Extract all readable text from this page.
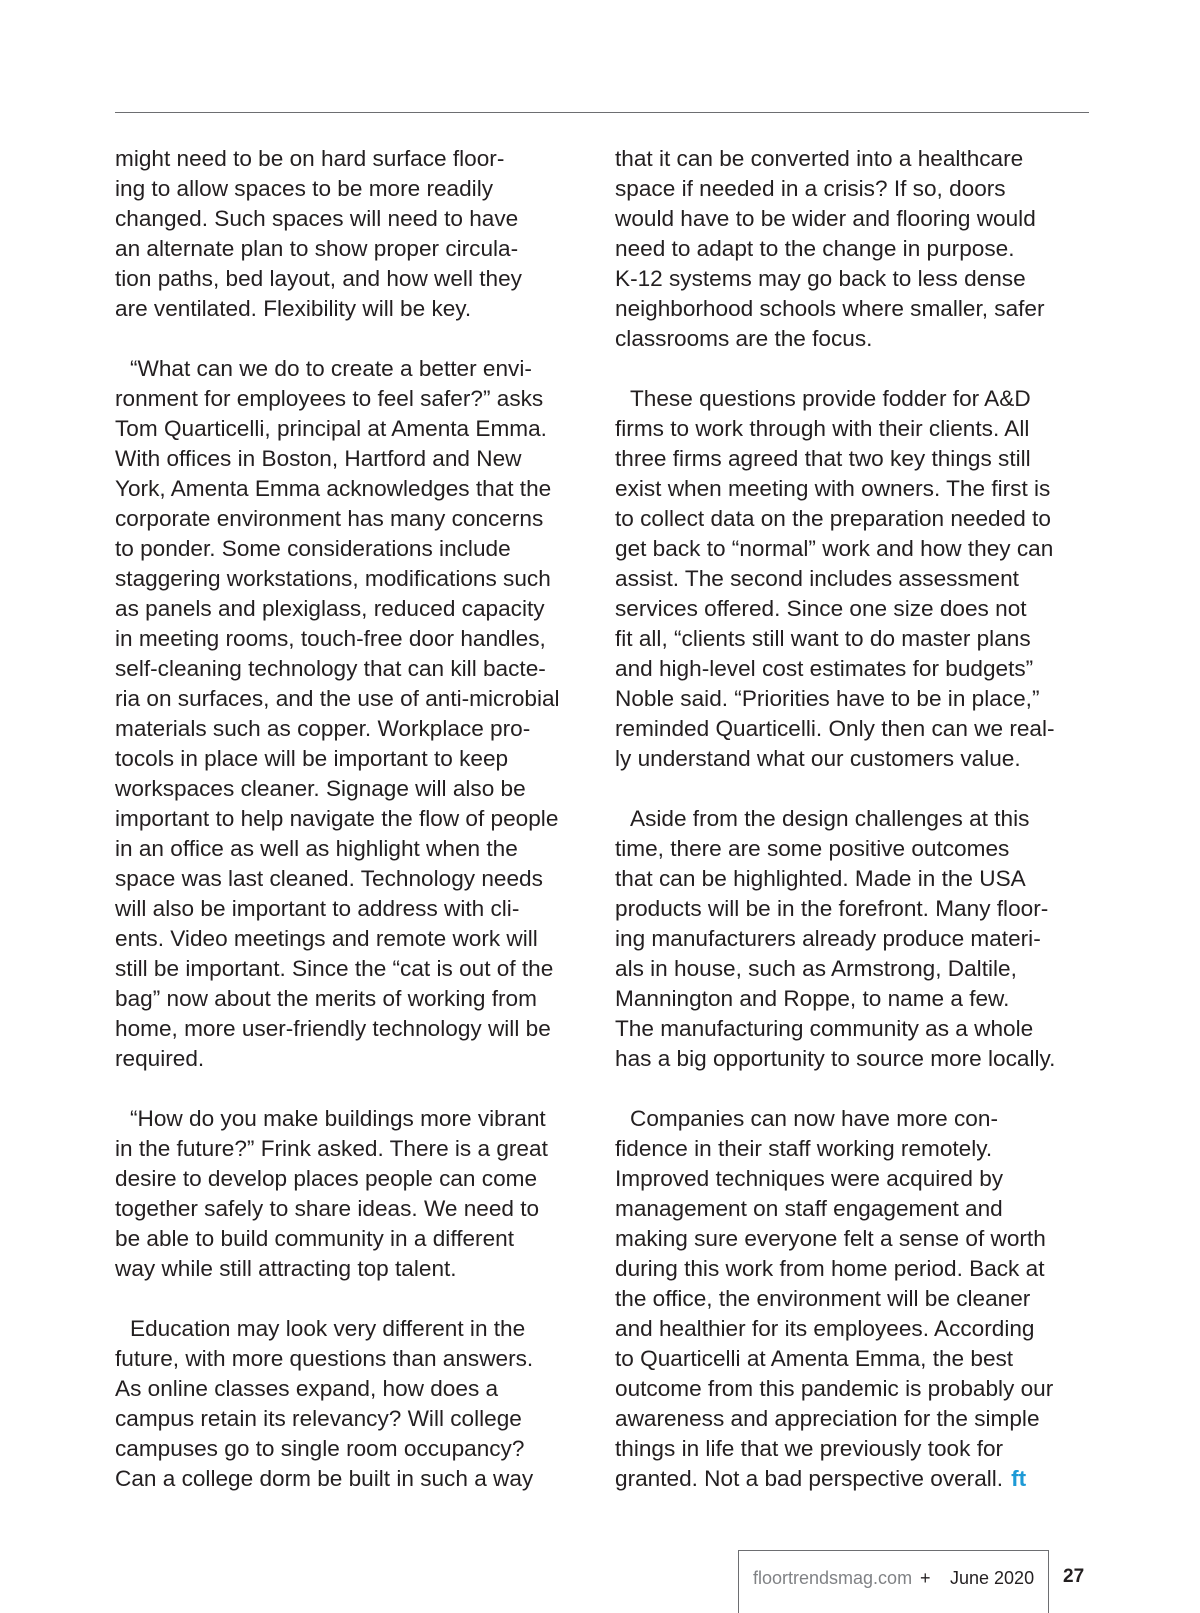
might need to be on hard surface floor-
ing to allow spaces to be more readily
changed. Such spaces will need to have
an alternate plan to show proper circula-
tion paths, bed layout, and how well they
are ventilated. Flexibility will be key.

“What can we do to create a better envi-
ronment for employees to feel safer?” asks
Tom Quarticelli, principal at Amenta Emma.
With offices in Boston, Hartford and New
York, Amenta Emma acknowledges that the
corporate environment has many concerns
to ponder. Some considerations include
staggering workstations, modifications such
as panels and plexiglass, reduced capacity
in meeting rooms, touch-free door handles,
self-cleaning technology that can kill bacte-
ria on surfaces, and the use of anti-microbial
materials such as copper. Workplace pro-
tocols in place will be important to keep
workspaces cleaner. Signage will also be
important to help navigate the flow of people
in an office as well as highlight when the
space was last cleaned. Technology needs
will also be important to address with cli-
ents. Video meetings and remote work will
still be important. Since the “cat is out of the
bag” now about the merits of working from
home, more user-friendly technology will be
required.

“How do you make buildings more vibrant
in the future?” Frink asked. There is a great
desire to develop places people can come
together safely to share ideas. We need to
be able to build community in a different
way while still attracting top talent.

Education may look very different in the
future, with more questions than answers.
As online classes expand, how does a
campus retain its relevancy? Will college
campuses go to single room occupancy?
Can a college dorm be built in such a way

that it can be converted into a healthcare
space if needed in a crisis? If so, doors
would have to be wider and flooring would
need to adapt to the change in purpose.
K-12 systems may go back to less dense
neighborhood schools where smaller, safer
classrooms are the focus.

These questions provide fodder for A&D
firms to work through with their clients. All
three firms agreed that two key things still
exist when meeting with owners. The first is
to collect data on the preparation needed to
get back to “normal” work and how they can
assist. The second includes assessment
services offered. Since one size does not
fit all, “clients still want to do master plans
and high-level cost estimates for budgets”
Noble said. “Priorities have to be in place,”
reminded Quarticelli. Only then can we real-
ly understand what our customers value.

Aside from the design challenges at this
time, there are some positive outcomes
that can be highlighted. Made in the USA
products will be in the forefront. Many floor-
ing manufacturers already produce materi-
als in house, such as Armstrong, Daltile,
Mannington and Roppe, to name a few.
The manufacturing community as a whole
has a big opportunity to source more locally.

Companies can now have more con-
fidence in their staff working remotely.
Improved techniques were acquired by
management on staff engagement and
making sure everyone felt a sense of worth
during this work from home period. Back at
the office, the environment will be cleaner
and healthier for its employees. According
to Quarticelli at Amenta Emma, the best
outcome from this pandemic is probably our
awareness and appreciation for the simple
things in life that we previously took for
granted. Not a bad perspective overall. ft

floortrendsmag.com + June 2020 27
